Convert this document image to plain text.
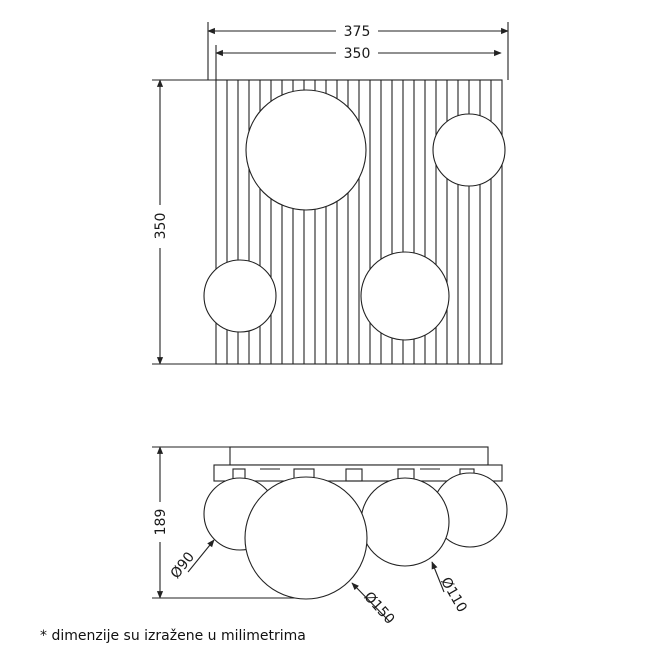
375
350
350
189
Ø90
Ø150	Ø110
* dimenzije su izražene u milimetrima
